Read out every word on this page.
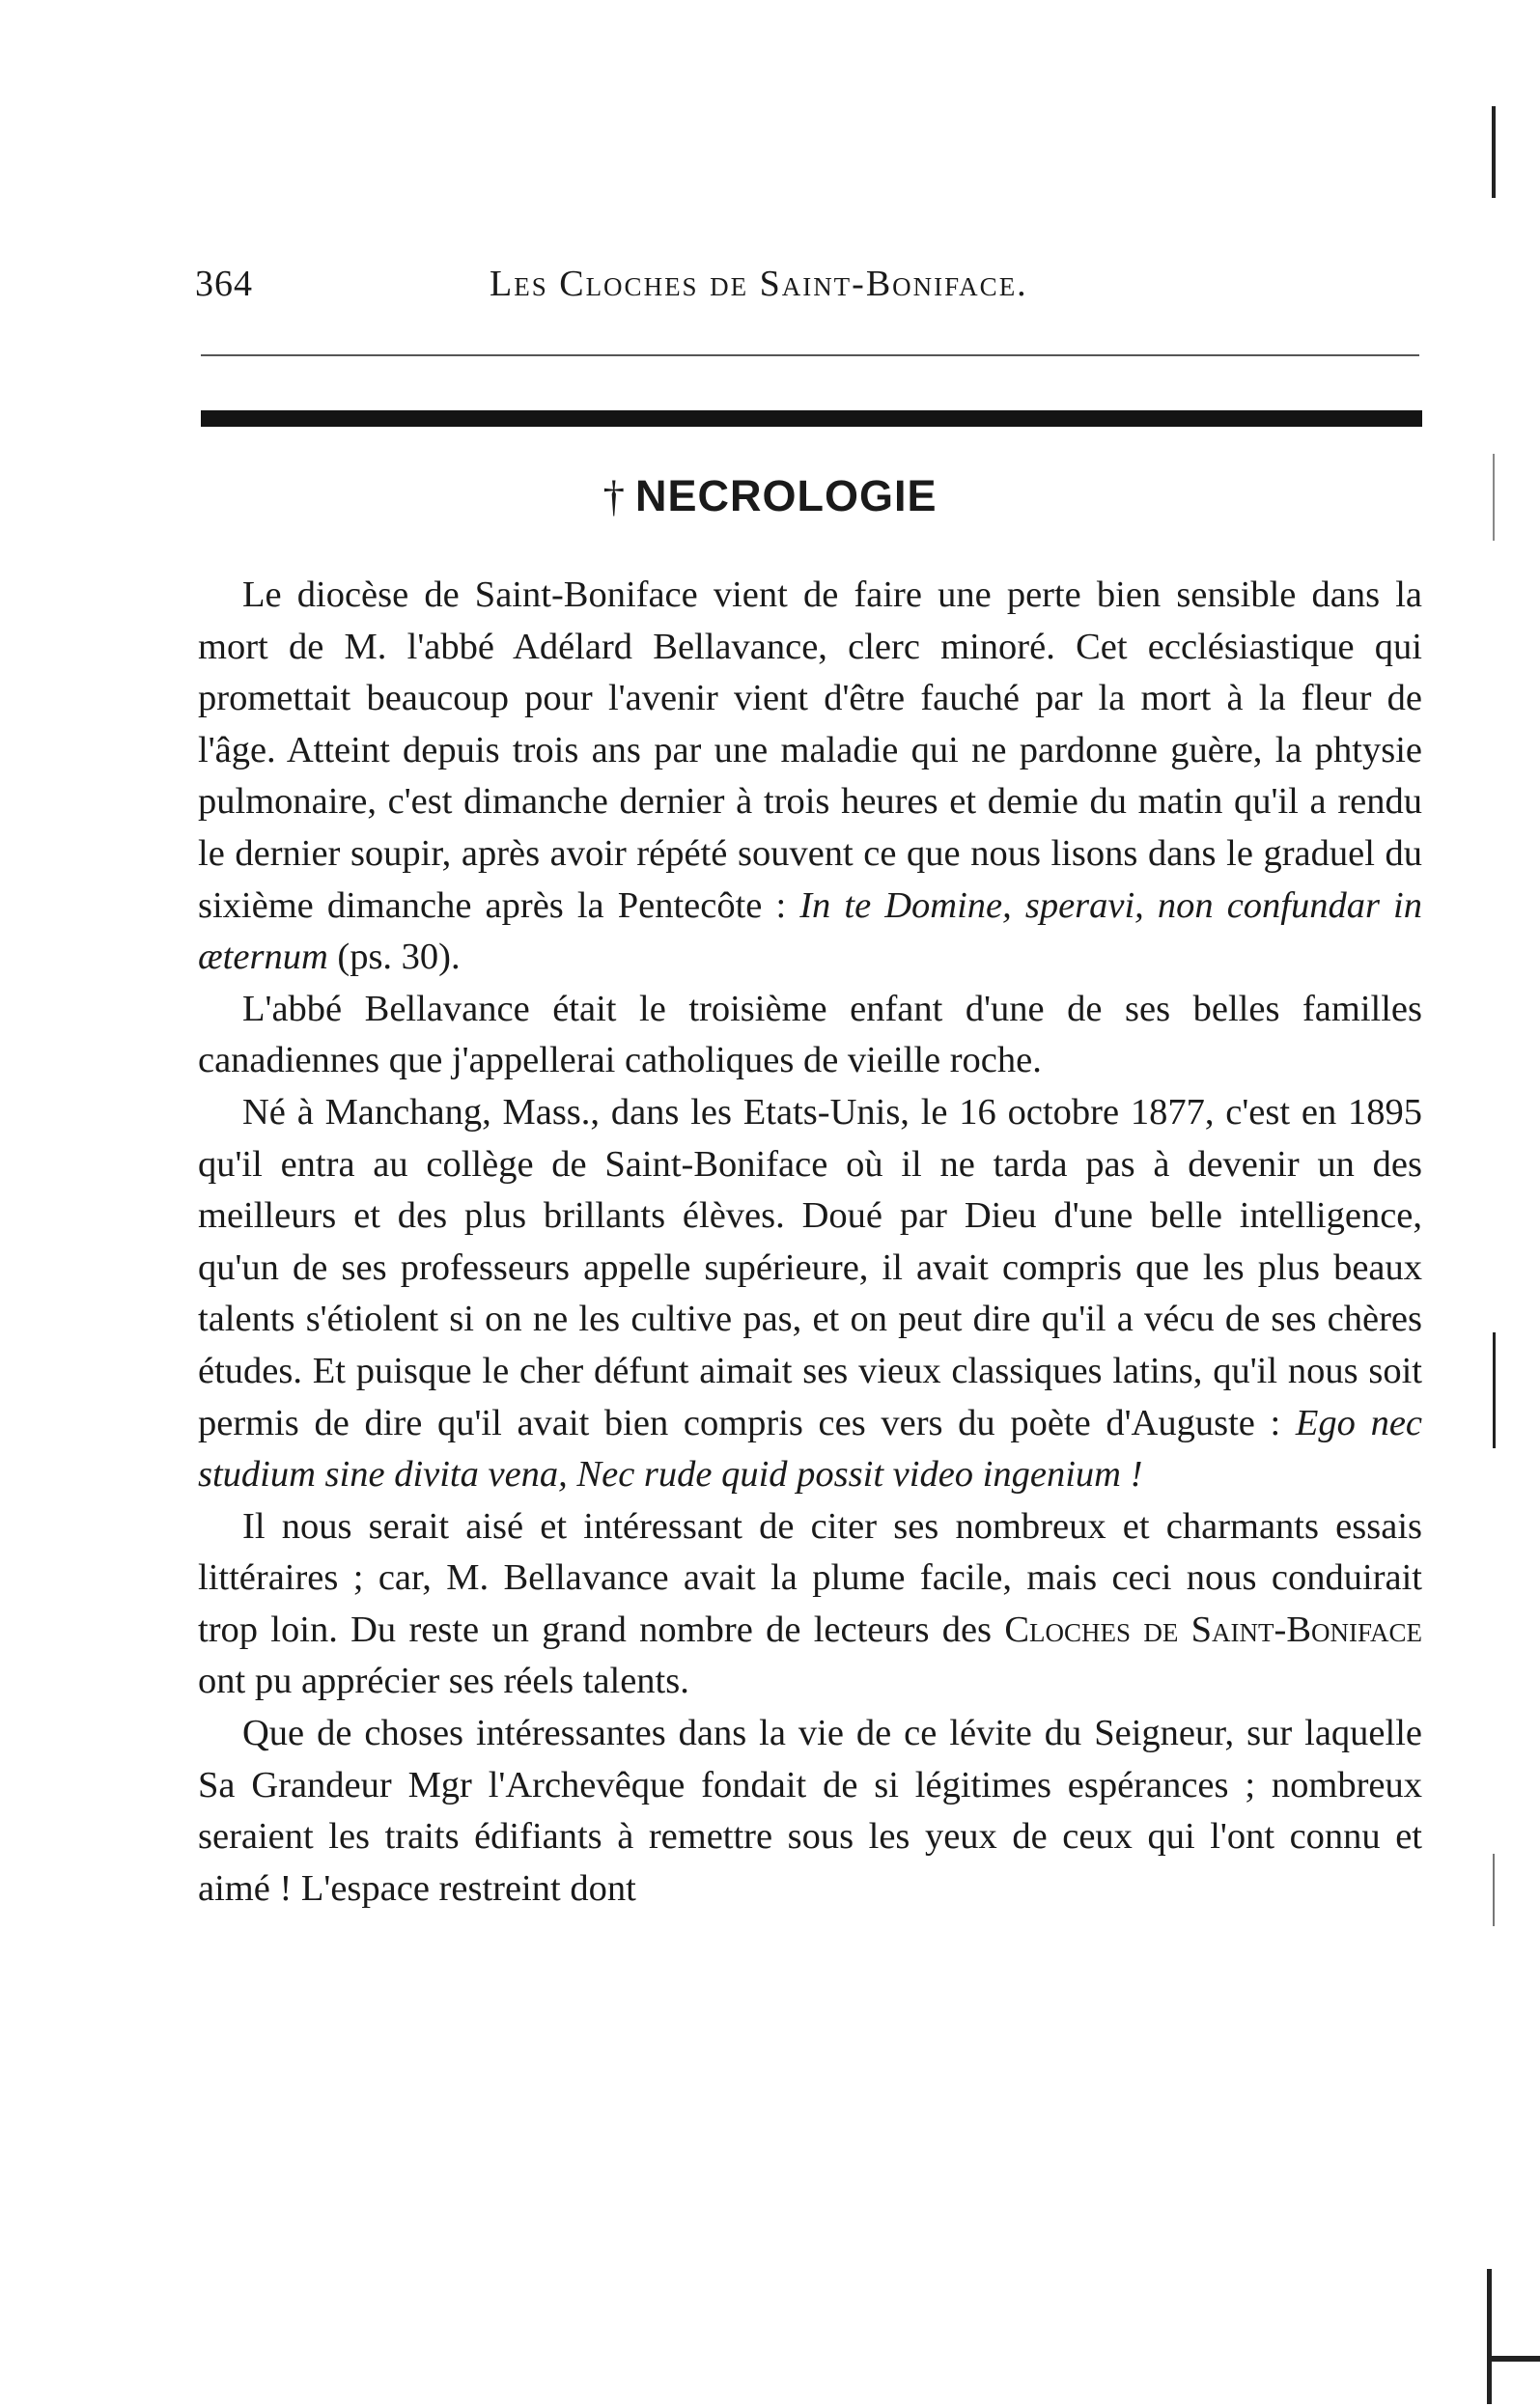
364	Les Cloches de Saint-Boniface.
† NECROLOGIE

Le diocèse de Saint-Boniface vient de faire une perte bien sensible dans la mort de M. l'abbé Adélard Bellavance, clerc minoré. Cet ecclésiastique qui promettait beaucoup pour l'avenir vient d'être fauché par la mort à la fleur de l'âge. Atteint depuis trois ans par une maladie qui ne pardonne guère, la phtysie pulmonaire, c'est dimanche dernier à trois heures et demie du matin qu'il a rendu le dernier soupir, après avoir répété souvent ce que nous lisons dans le graduel du sixième dimanche après la Pentecôte : In te Domine, speravi, non confundar in æternum (ps. 30).

L'abbé Bellavance était le troisième enfant d'une de ses belles familles canadiennes que j'appellerai catholiques de vieille roche.

Né à Manchang, Mass., dans les Etats-Unis, le 16 octobre 1877, c'est en 1895 qu'il entra au collège de Saint-Boniface où il ne tarda pas à devenir un des meilleurs et des plus brillants élèves. Doué par Dieu d'une belle intelligence, qu'un de ses professeurs appelle supérieure, il avait compris que les plus beaux talents s'étiolent si on ne les cultive pas, et on peut dire qu'il a vécu de ses chères études. Et puisque le cher défunt aimait ses vieux classiques latins, qu'il nous soit permis de dire qu'il avait bien compris ces vers du poète d'Auguste : Ego nec studium sine divita vena, Nec rude quid possit video ingenium !

Il nous serait aisé et intéressant de citer ses nombreux et charmants essais littéraires ; car, M. Bellavance avait la plume facile, mais ceci nous conduirait trop loin. Du reste un grand nombre de lecteurs des Cloches de Saint-Boniface ont pu apprécier ses réels talents.

Que de choses intéressantes dans la vie de ce lévite du Seigneur, sur laquelle Sa Grandeur Mgr l'Archevêque fondait de si légitimes espérances ; nombreux seraient les traits édifiants à remettre sous les yeux de ceux qui l'ont connu et aimé ! L'espace restreint dont
